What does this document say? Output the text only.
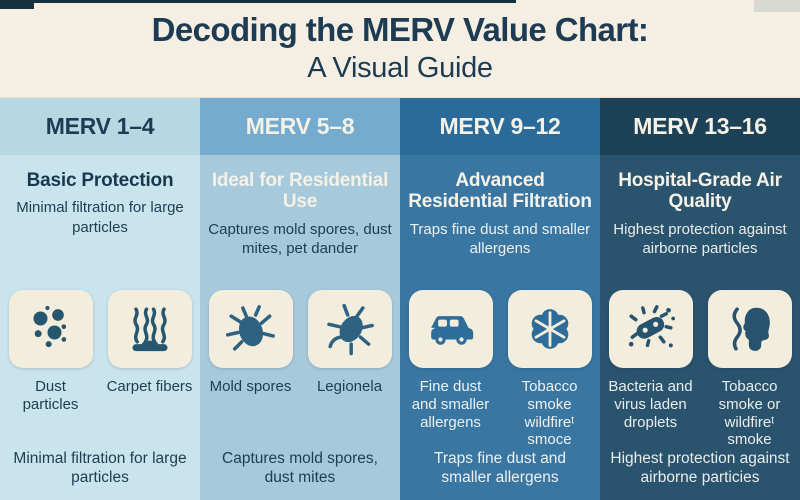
Decoding the MERV Value Chart:
A Visual Guide
MERV 1–4
Basic Protection

Minimal filtration for large particles

Dust particles
Carpet fibers

Minimal filtration for large particles

MERV 5–8
Ideal for Residential Use

Captures mold spores, dust mites, pet dander

Mold spores Legionela

Captures mold spores, dust mites

MERV 9–12
Advanced Residential Filtration

Traps fine dust and smaller allergens

Fine dust and smaller allergens
Tobacco smoke wildfireᵗ smoce

Traps fine dust and smaller allergens

MERV 13–16
Hospital-Grade Air Quality

Highest protection against airborne particles

Bacteria and virus laden droplets
Tobacco smoke or wildfireᵗ smoke

Highest protection against airborne particies
